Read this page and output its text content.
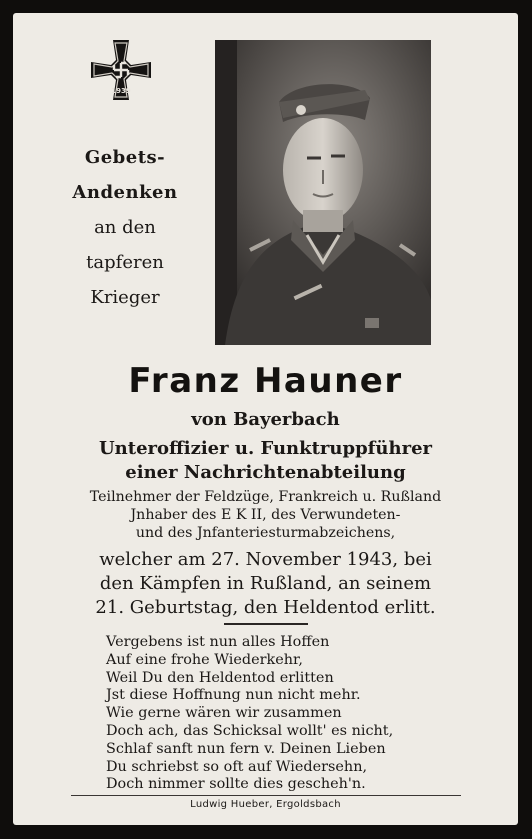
1939
Gebets-
Andenken
an den
tapferen
Krieger
Franz Hauner
von Bayerbach
Unteroffizier u. Funktruppführer
einer Nachrichtenabteilung
Teilnehmer der Feldzüge, Frankreich u. Rußland
Jnhaber des E K II, des Verwundeten-
und des Jnfanteriesturmabzeichens,
welcher am 27. November 1943, bei
den Kämpfen in Rußland, an seinem
21. Geburtstag, den Heldentod erlitt.
Vergebens ist nun alles Hoffen
Auf eine frohe Wiederkehr,
Weil Du den Heldentod erlitten
Jst diese Hoffnung nun nicht mehr.
Wie gerne wären wir zusammen
Doch ach, das Schicksal wollt' es nicht,
Schlaf sanft nun fern v. Deinen Lieben
Du schriebst so oft auf Wiedersehn,
Doch nimmer sollte dies gescheh'n.
Ludwig Hueber, Ergoldsbach
